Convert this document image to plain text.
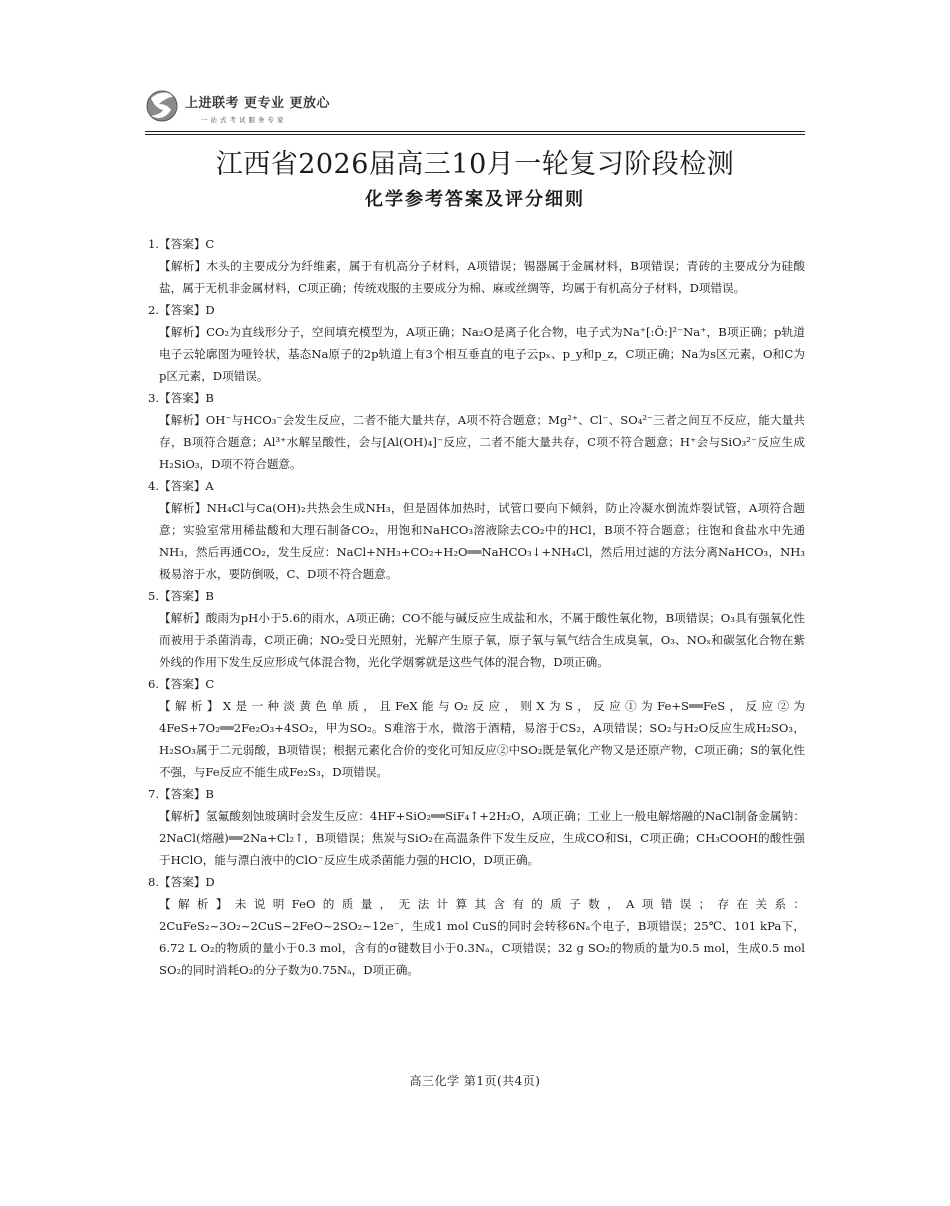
上进联考 更专业 更放心
一站式考试服务专家
江西省2026届高三10月一轮复习阶段检测
化学参考答案及评分细则

1.【答案】C

【解析】木头的主要成分为纤维素，属于有机高分子材料，A项错误；锡器属于金属材料，B项错误；青砖的主要成分为硅酸盐，属于无机非金属材料，C项正确；传统戏服的主要成分为棉、麻或丝绸等，均属于有机高分子材料，D项错误。

2.【答案】D

【解析】CO₂为直线形分子，空间填充模型为，A项正确；Na₂O是离子化合物，电子式为Na⁺[:Ö:]²⁻Na⁺，B项正确；p轨道电子云轮廓图为哑铃状，基态Na原子的2p轨道上有3个相互垂直的电子云pₓ、p_y和p_z，C项正确；Na为s区元素，O和C为p区元素，D项错误。

3.【答案】B

【解析】OH⁻与HCO₃⁻会发生反应，二者不能大量共存，A项不符合题意；Mg²⁺、Cl⁻、SO₄²⁻三者之间互不反应，能大量共存，B项符合题意；Al³⁺水解呈酸性，会与[Al(OH)₄]⁻反应，二者不能大量共存，C项不符合题意；H⁺会与SiO₃²⁻反应生成H₂SiO₃，D项不符合题意。

4.【答案】A

【解析】NH₄Cl与Ca(OH)₂共热会生成NH₃，但是固体加热时，试管口要向下倾斜，防止冷凝水倒流炸裂试管，A项符合题意；实验室常用稀盐酸和大理石制备CO₂，用饱和NaHCO₃溶液除去CO₂中的HCl，B项不符合题意；往饱和食盐水中先通NH₃，然后再通CO₂，发生反应：NaCl+NH₃+CO₂+H₂O══NaHCO₃↓+NH₄Cl，然后用过滤的方法分离NaHCO₃，NH₃极易溶于水，要防倒吸，C、D项不符合题意。

5.【答案】B

【解析】酸雨为pH小于5.6的雨水，A项正确；CO不能与碱反应生成盐和水，不属于酸性氧化物，B项错误；O₃具有强氧化性而被用于杀菌消毒，C项正确；NO₂受日光照射，光解产生原子氧，原子氧与氧气结合生成臭氧，O₃、NOₓ和碳氢化合物在紫外线的作用下发生反应形成气体混合物，光化学烟雾就是这些气体的混合物，D项正确。

6.【答案】C

【解析】X是一种淡黄色单质，且FeX能与O₂反应，则X为S，反应①为Fe+S══FeS，反应②为4FeS+7O₂══2Fe₂O₃+4SO₂，甲为SO₂。S难溶于水，微溶于酒精，易溶于CS₂，A项错误；SO₂与H₂O反应生成H₂SO₃，H₂SO₃属于二元弱酸，B项错误；根据元素化合价的变化可知反应②中SO₂既是氧化产物又是还原产物，C项正确；S的氧化性不强，与Fe反应不能生成Fe₂S₃，D项错误。

7.【答案】B

【解析】氢氟酸刻蚀玻璃时会发生反应：4HF+SiO₂══SiF₄↑+2H₂O，A项正确；工业上一般电解熔融的NaCl制备金属钠：2NaCl(熔融)══2Na+Cl₂↑，B项错误；焦炭与SiO₂在高温条件下发生反应，生成CO和Si，C项正确；CH₃COOH的酸性强于HClO，能与漂白液中的ClO⁻反应生成杀菌能力强的HClO，D项正确。

8.【答案】D

【解析】未说明FeO的质量，无法计算其含有的质子数，A项错误；存在关系：2CuFeS₂~3O₂~2CuS~2FeO~2SO₂~12e⁻，生成1 mol CuS的同时会转移6Nₐ个电子，B项错误；25℃、101 kPa下，6.72 L O₂的物质的量小于0.3 mol，含有的σ键数目小于0.3Nₐ，C项错误；32 g SO₂的物质的量为0.5 mol，生成0.5 mol SO₂的同时消耗O₂的分子数为0.75Nₐ，D项正确。

高三化学 第1页(共4页)
